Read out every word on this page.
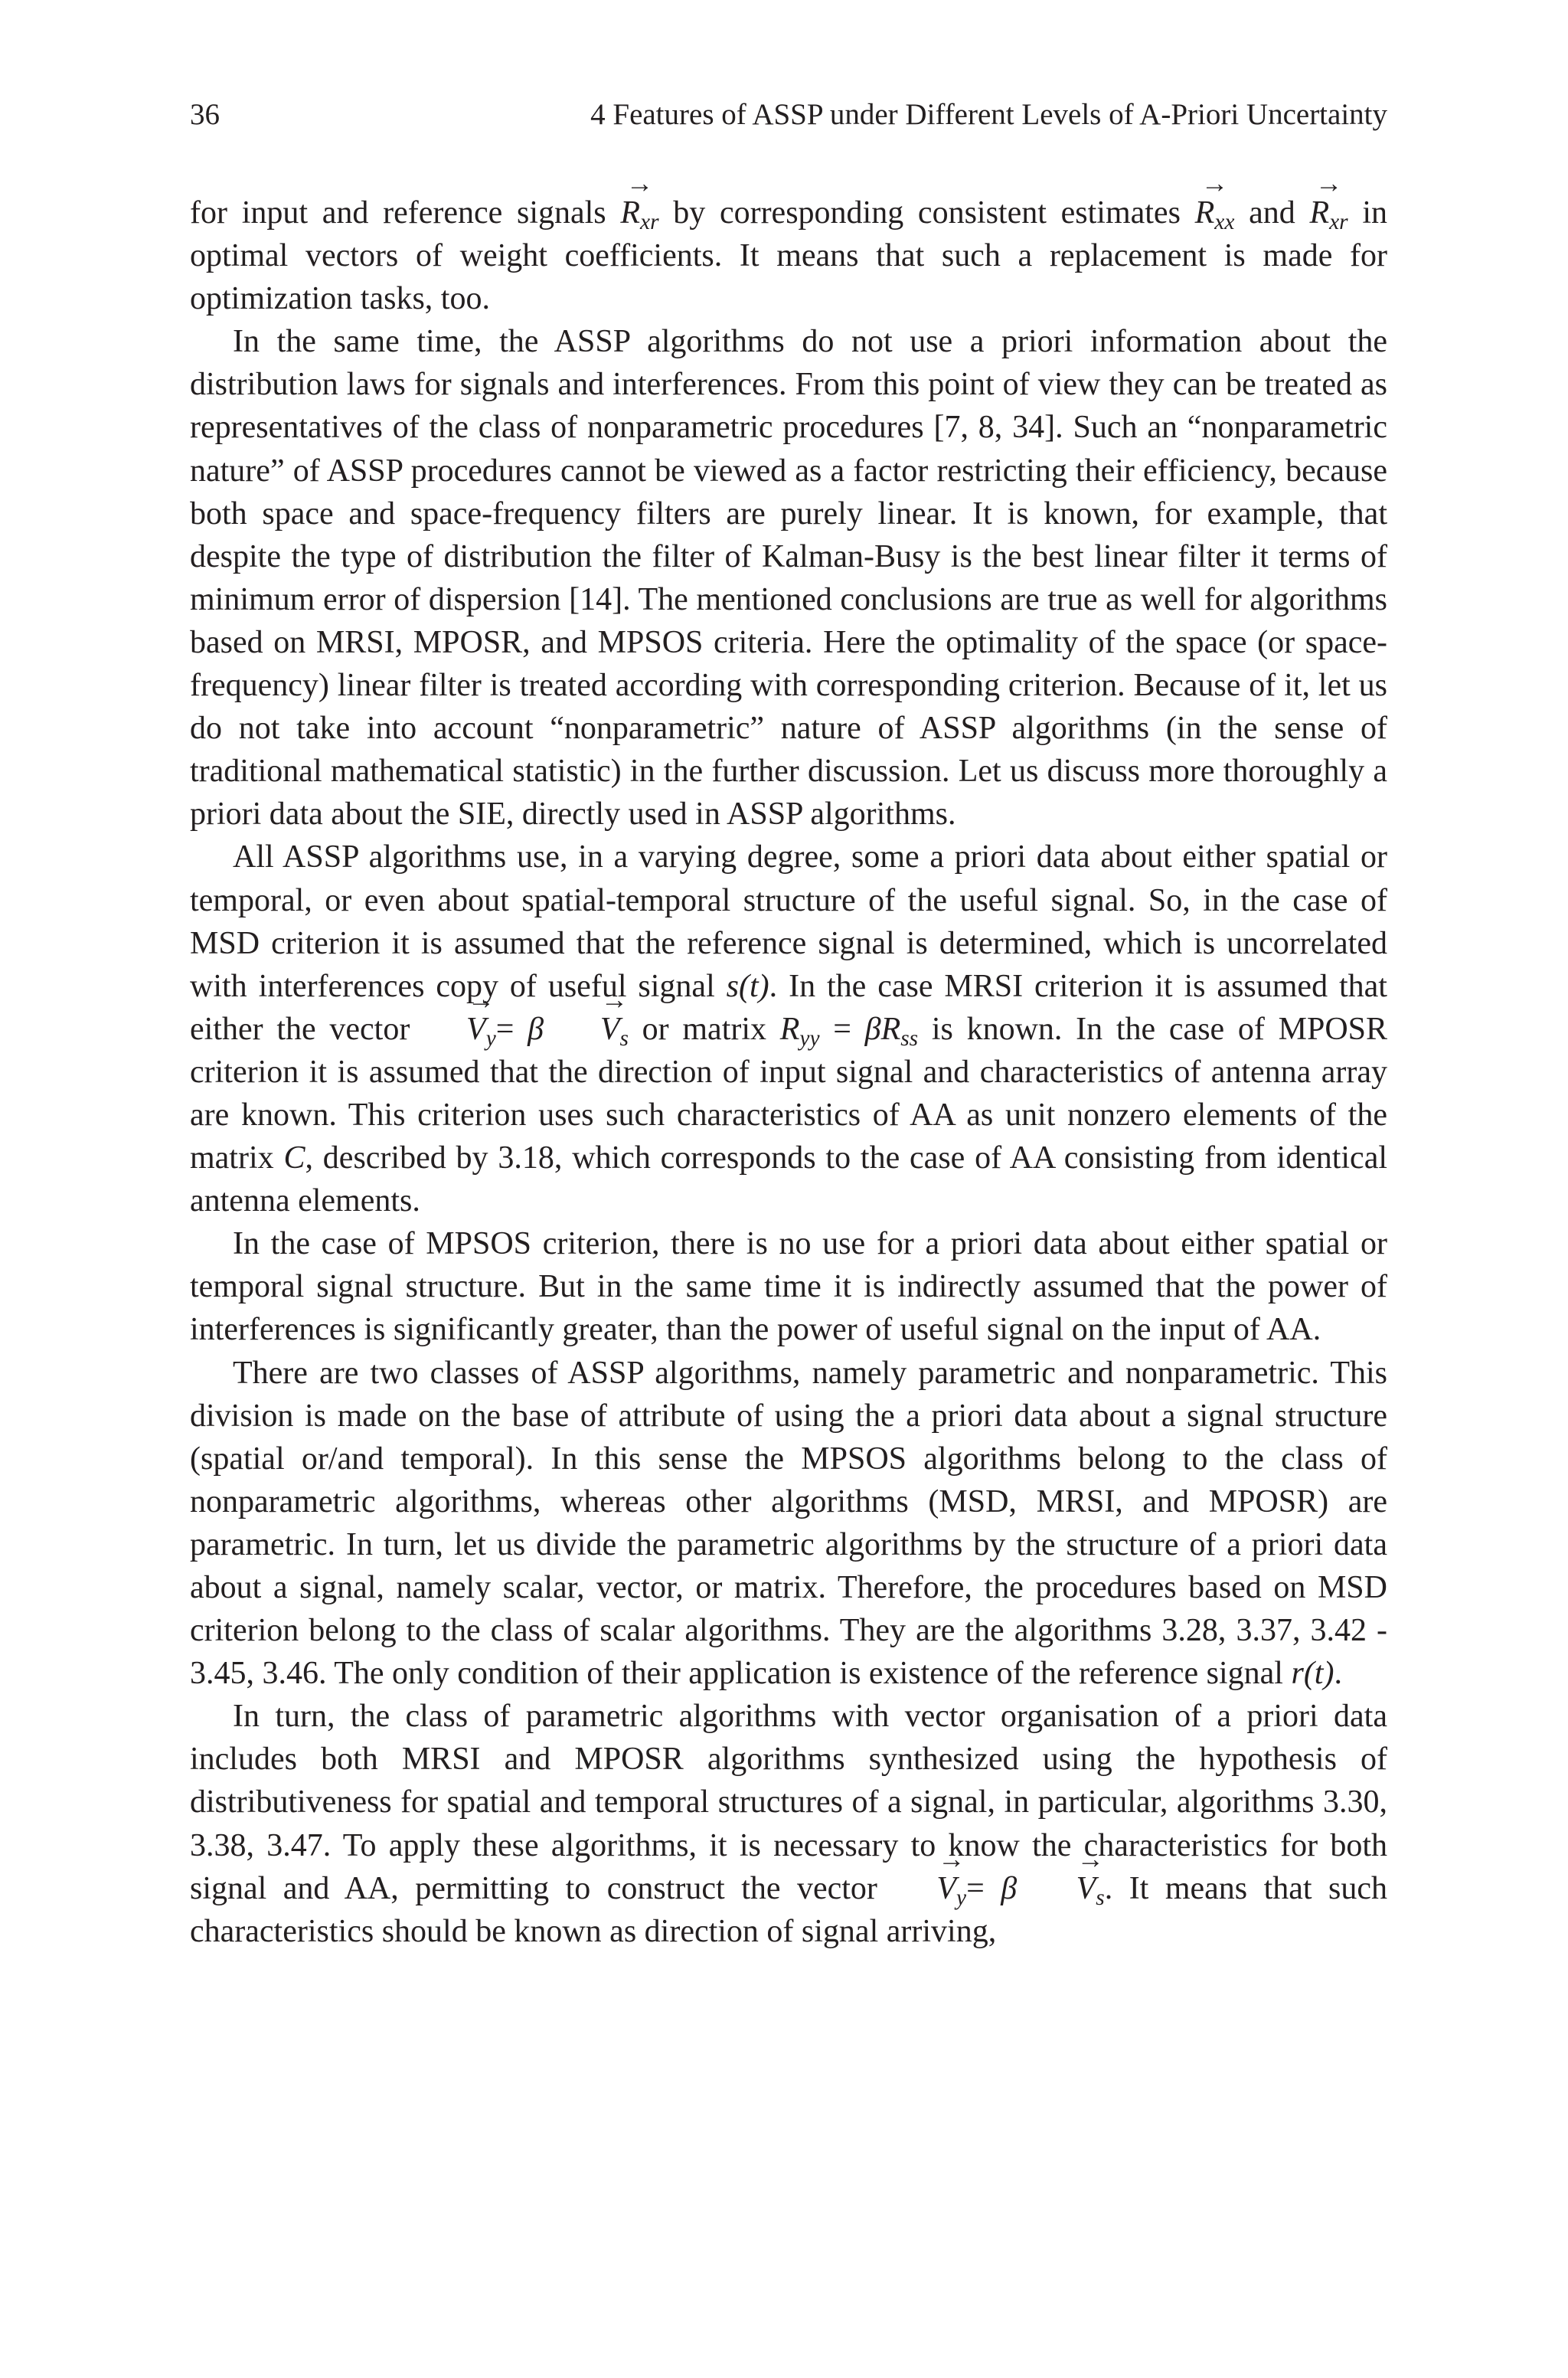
36	4 Features of ASSP under Different Levels of A-Priori Uncertainty

for input and reference signals → $R_{xr}$ by corresponding consistent estimates → $R_{xx}$ and → $R_{xr}$ in optimal vectors of weight coefficients. It means that such a replacement is made for optimization tasks, too.

In the same time, the ASSP algorithms do not use a priori information about the distribution laws for signals and interferences. From this point of view they can be treated as representatives of the class of nonparametric procedures [7, 8, 34]. Such an “nonparametric nature” of ASSP procedures cannot be viewed as a factor restricting their efficiency, because both space and space-frequency filters are purely linear. It is known, for example, that despite the type of distribution the filter of Kalman-Busy is the best linear filter it terms of minimum error of dispersion [14]. The mentioned conclusions are true as well for algorithms based on MRSI, MPOSR, and MPSOS criteria. Here the optimality of the space (or space-frequency) linear filter is treated according with corresponding criterion. Because of it, let us do not take into account “nonparametric” nature of ASSP algorithms (in the sense of traditional mathematical statistic) in the further discussion. Let us discuss more thoroughly a priori data about the SIE, directly used in ASSP algorithms.

All ASSP algorithms use, in a varying degree, some a priori data about either spatial or temporal, or even about spatial-temporal structure of the useful signal. So, in the case of MSD criterion it is assumed that the reference signal is determined, which is uncorrelated with interferences copy of useful signal s(t). In the case MRSI criterion it is assumed that either the vector → $V_y= \beta \to V_s$ or matrix $R_{yy} = \beta R_{ss}$ is known. In the case of MPOSR criterion it is assumed that the direction of input signal and characteristics of antenna array are known. This criterion uses such characteristics of AA as unit nonzero elements of the matrix C, described by 3.18, which corresponds to the case of AA consisting from identical antenna elements.

In the case of MPSOS criterion, there is no use for a priori data about either spatial or temporal signal structure. But in the same time it is indirectly assumed that the power of interferences is significantly greater, than the power of useful signal on the input of AA.

There are two classes of ASSP algorithms, namely parametric and nonparametric. This division is made on the base of attribute of using the a priori data about a signal structure (spatial or/and temporal). In this sense the MPSOS algorithms belong to the class of nonparametric algorithms, whereas other algorithms (MSD, MRSI, and MPOSR) are parametric. In turn, let us divide the parametric algorithms by the structure of a priori data about a signal, namely scalar, vector, or matrix. Therefore, the procedures based on MSD criterion belong to the class of scalar algorithms. They are the algorithms 3.28, 3.37, 3.42 - 3.45, 3.46. The only condition of their application is existence of the reference signal r(t).

In turn, the class of parametric algorithms with vector organisation of a priori data includes both MRSI and MPOSR algorithms synthesized using the hypothesis of distributiveness for spatial and temporal structures of a signal, in particular, algorithms 3.30, 3.38, 3.47. To apply these algorithms, it is necessary to know the characteristics for both signal and AA, permitting to construct the vector → $V_y= \beta \to V_s$. It means that such characteristics should be known as direction of signal arriving,
